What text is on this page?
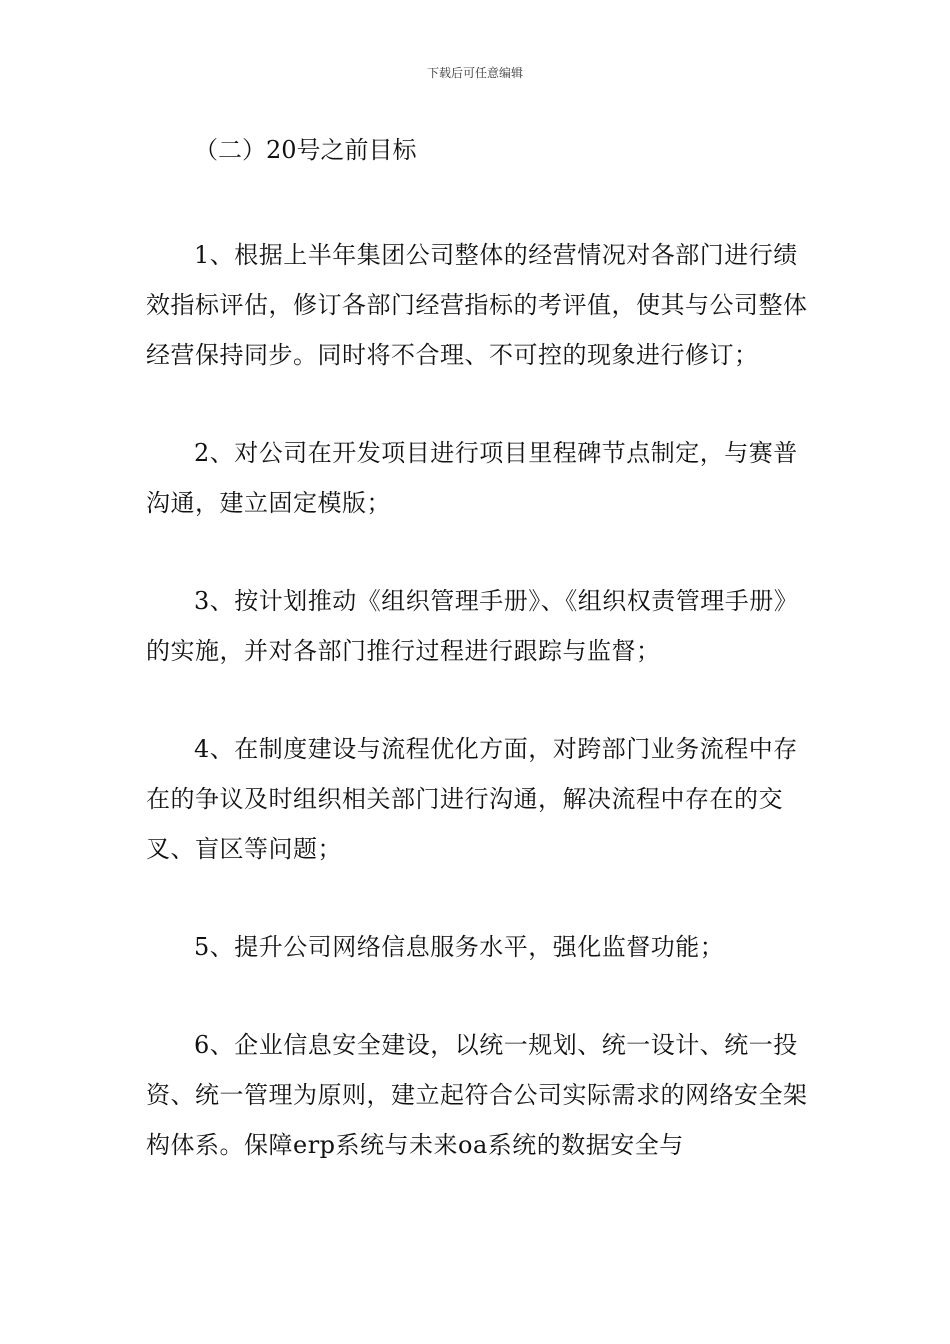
下载后可任意编辑

（二）20号之前目标

1、根据上半年集团公司整体的经营情况对各部门进行绩效指标评估，修订各部门经营指标的考评值，使其与公司整体经营保持同步。同时将不合理、不可控的现象进行修订；

2、对公司在开发项目进行项目里程碑节点制定，与赛普沟通，建立固定模版；

3、按计划推动《组织管理手册》、《组织权责管理手册》的实施，并对各部门推行过程进行跟踪与监督；

4、在制度建设与流程优化方面，对跨部门业务流程中存在的争议及时组织相关部门进行沟通，解决流程中存在的交叉、盲区等问题；

5、提升公司网络信息服务水平，强化监督功能；

6、企业信息安全建设，以统一规划、统一设计、统一投资、统一管理为原则，建立起符合公司实际需求的网络安全架构体系。保障erp系统与未来oa系统的数据安全与
